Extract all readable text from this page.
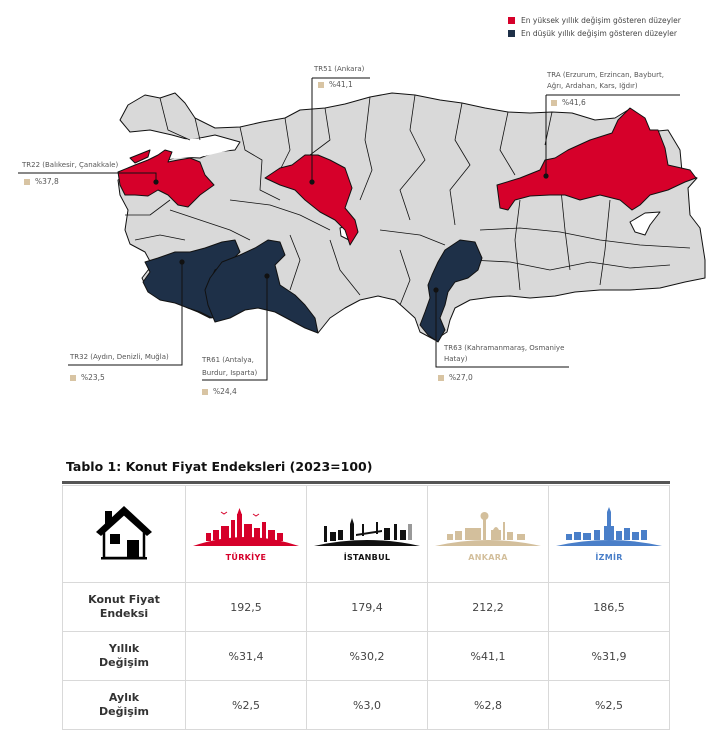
En yüksek yıllık değişim gösteren düzeyler
En düşük yıllık değişim gösteren düzeyler
TR51 (Ankara)
%41,1
TRA (Erzurum, Erzincan, Bayburt,
Ağrı, Ardahan, Kars, Iğdır)
%41,6
TR22 (Balıkesir, Çanakkale)
%37,8
TR32 (Aydın, Denizli, Muğla)
%23,5
TR61 (Antalya,
Burdur, Isparta)
%24,4
TR63 (Kahramanmaraş, Osmaniye
Hatay)
%27,0
Tablo 1: Konut Fiyat Endeksleri (2023=100)

TÜRKİYE	İSTANBUL	ANKARA	İZMİR

Konut Fiyat
Endeksi	192,5	179,4	212,2	186,5

Yıllık
Değişim	%31,4	%30,2	%41,1	%31,9

Aylık
Değişim	%2,5	%3,0	%2,8	%2,5
